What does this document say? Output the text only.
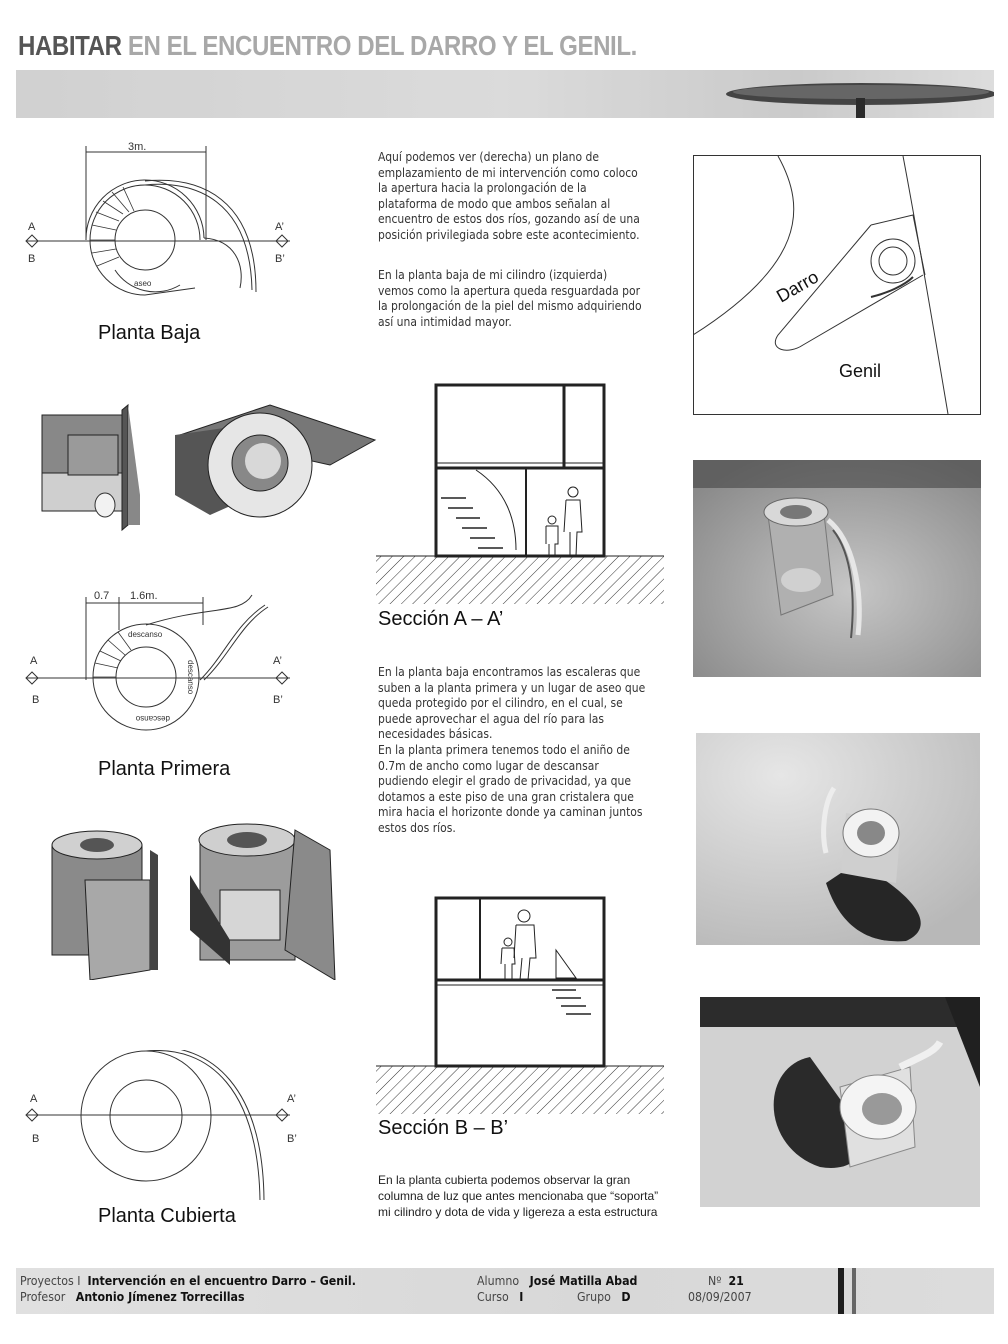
HABITAR EN EL ENCUENTRO DEL DARRO Y EL GENIL.
3m.
A	A’
B	B’
aseo
Planta Baja
0.7 1.6m.
A	A’
B	B’
descanso
descanso
descanso
Planta Primera
A	A’
B	B’
Planta Cubierta
Aquí podemos ver (derecha) un plano de emplazamiento de mi intervención como coloco la apertura hacia la prolongación de la plataforma de modo que ambos señalan al encuentro de estos dos ríos, gozando así de una posición privilegiada sobre este acontecimiento.
En la planta baja de mi cilindro (izquierda) vemos como la apertura queda resguardada por la prolongación de la piel del mismo adquiriendo así una intimidad mayor.
Sección A – A’
En la planta baja encontramos las escaleras que suben a la planta primera y un lugar de aseo que queda protegido por el cilindro, en el cual, se puede aprovechar el agua del río para las necesidades básicas.
En la planta primera tenemos todo el aniño de 0.7m de ancho como lugar de descansar pudiendo elegir el grado de privacidad, ya que dotamos a este piso de una gran cristalera que mira hacia el horizonte donde ya caminan juntos estos dos ríos.
Sección B – B’
En la planta cubierta podemos observar la gran columna de luz que antes mencionaba que “soporta” mi cilindro y dota de vida y ligereza a esta estructura
Darro
Genil
Proyectos I Intervención en el encuentro Darro – Genil.
Profesor Antonio Jímenez Torrecillas
Alumno José Matilla Abad	Nº 21
Curso I	Grupo D	08/09/2007
